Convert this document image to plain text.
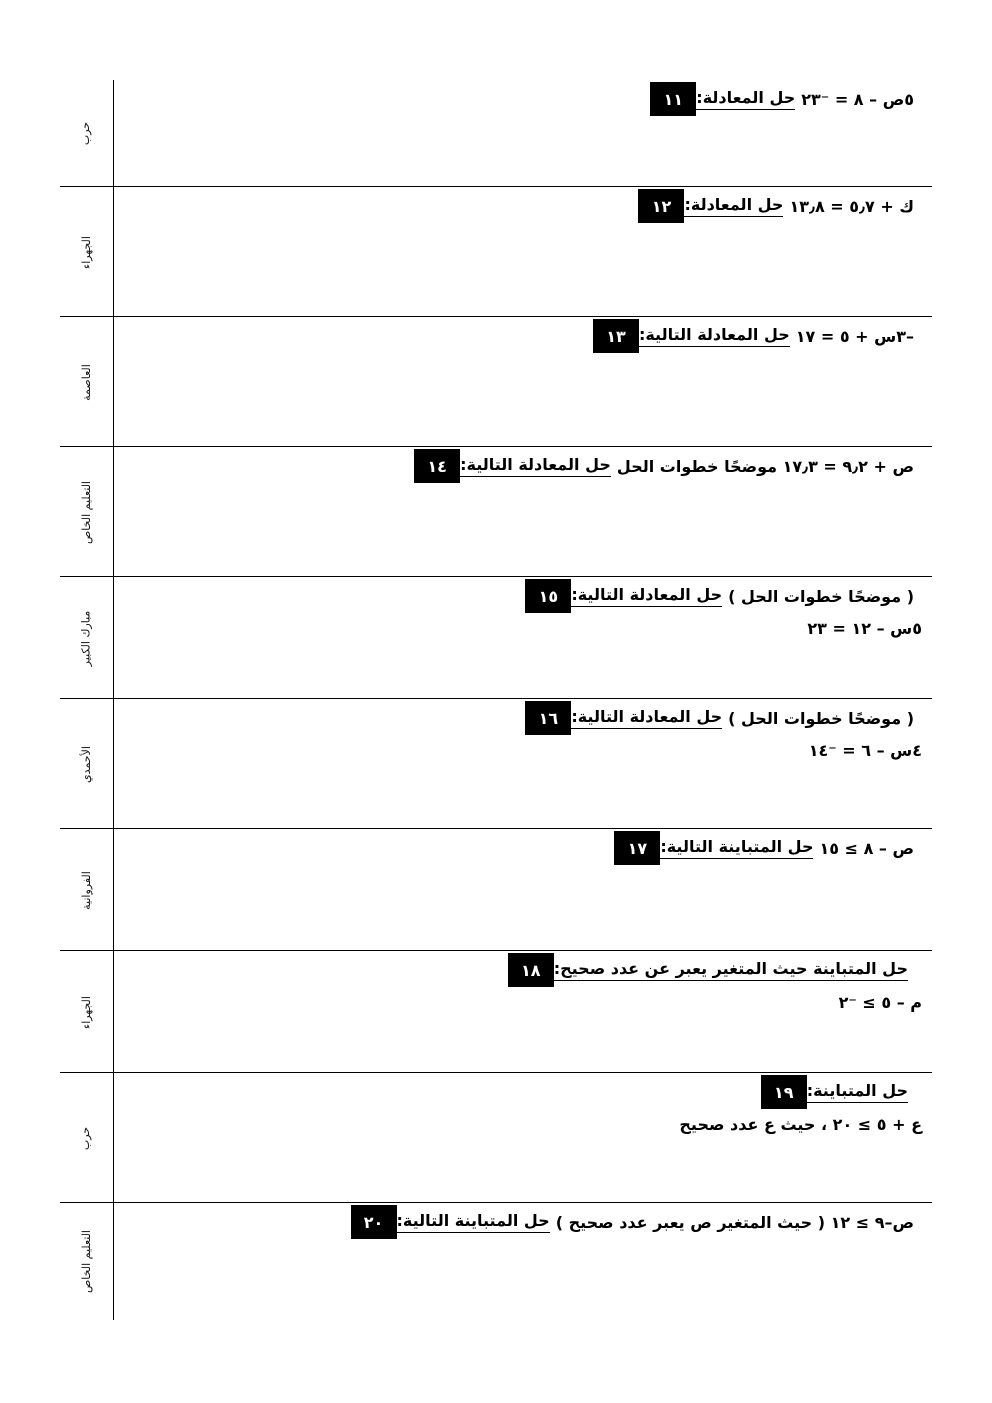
حرب
١١ حل المعادلة: ٥ص – ٨ = ⁻٢٣
الجهراء
١٢ حل المعادلة: ك + ٥٫٧ = ١٣٫٨
العاصمة
١٣ حل المعادلة التالية: –٣س + ٥ = ١٧
التعليم الخاص
١٤ حل المعادلة التالية: ص + ٩٫٢ = ١٧٫٣ موضحًا خطوات الحل
مبارك الكبير
١٥ حل المعادلة التالية: ( موضحًا خطوات الحل )
٥س – ١٢ = ٢٣
الأحمدي
١٦ حل المعادلة التالية: ( موضحًا خطوات الحل )
٤س – ٦ = ⁻١٤
الفروانية
١٧ حل المتباينة التالية: ص – ٨ ≥ ١٥
الجهراء
١٨ حل المتباينة حيث المتغير يعبر عن عدد صحيح:
م – ٥ ≥ ⁻٢
حرب
١٩ حل المتباينة:
ع + ٥ ≥ ٢٠ ، حيث ع عدد صحيح
التعليم الخاص
٢٠ حل المتباينة التالية: ص–٩ ≥ ١٢ ( حيث المتغير ص يعبر عدد صحيح )
